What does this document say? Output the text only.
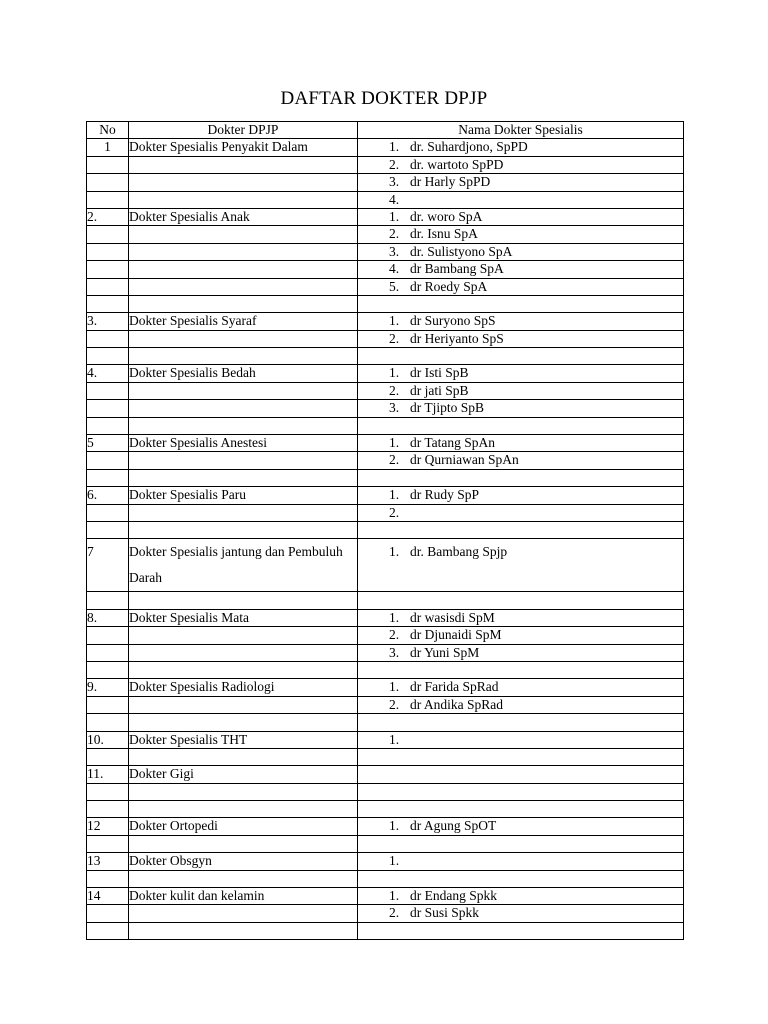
DAFTAR DOKTER DPJP
No	Dokter DPJP	Nama Dokter Spesialis
1	Dokter Spesialis Penyakit Dalam	1. dr. Suhardjono, SpPD

		2. dr. wartoto SpPD

		3. dr Harly SpPD

		4.

2.	Dokter Spesialis Anak	1. dr. woro SpA

		2. dr. Isnu SpA

		3. dr. Sulistyono SpA

		4. dr Bambang SpA

		5. dr Roedy SpA

3.	Dokter Spesialis Syaraf	1. dr Suryono SpS

		2. dr Heriyanto SpS

4.	Dokter Spesialis Bedah	1. dr Isti SpB

		2. dr jati SpB

		3. dr Tjipto SpB

5	Dokter Spesialis Anestesi	1. dr Tatang SpAn

		2. dr Qurniawan SpAn

6.	Dokter Spesialis Paru	1. dr Rudy SpP

		2.

7	Dokter Spesialis jantung dan Pembuluh Darah	1. dr. Bambang Spjp

8.	Dokter Spesialis Mata	1. dr wasisdi SpM

		2. dr Djunaidi SpM

		3. dr Yuni SpM

9.	Dokter Spesialis Radiologi	1. dr Farida SpRad

		2. dr Andika SpRad

10.	Dokter Spesialis THT	1.

11.	Dokter Gigi	

12	Dokter Ortopedi	1. dr Agung SpOT

13	Dokter Obsgyn	1.

14	Dokter kulit dan kelamin	1. dr Endang Spkk

		2. dr Susi Spkk
